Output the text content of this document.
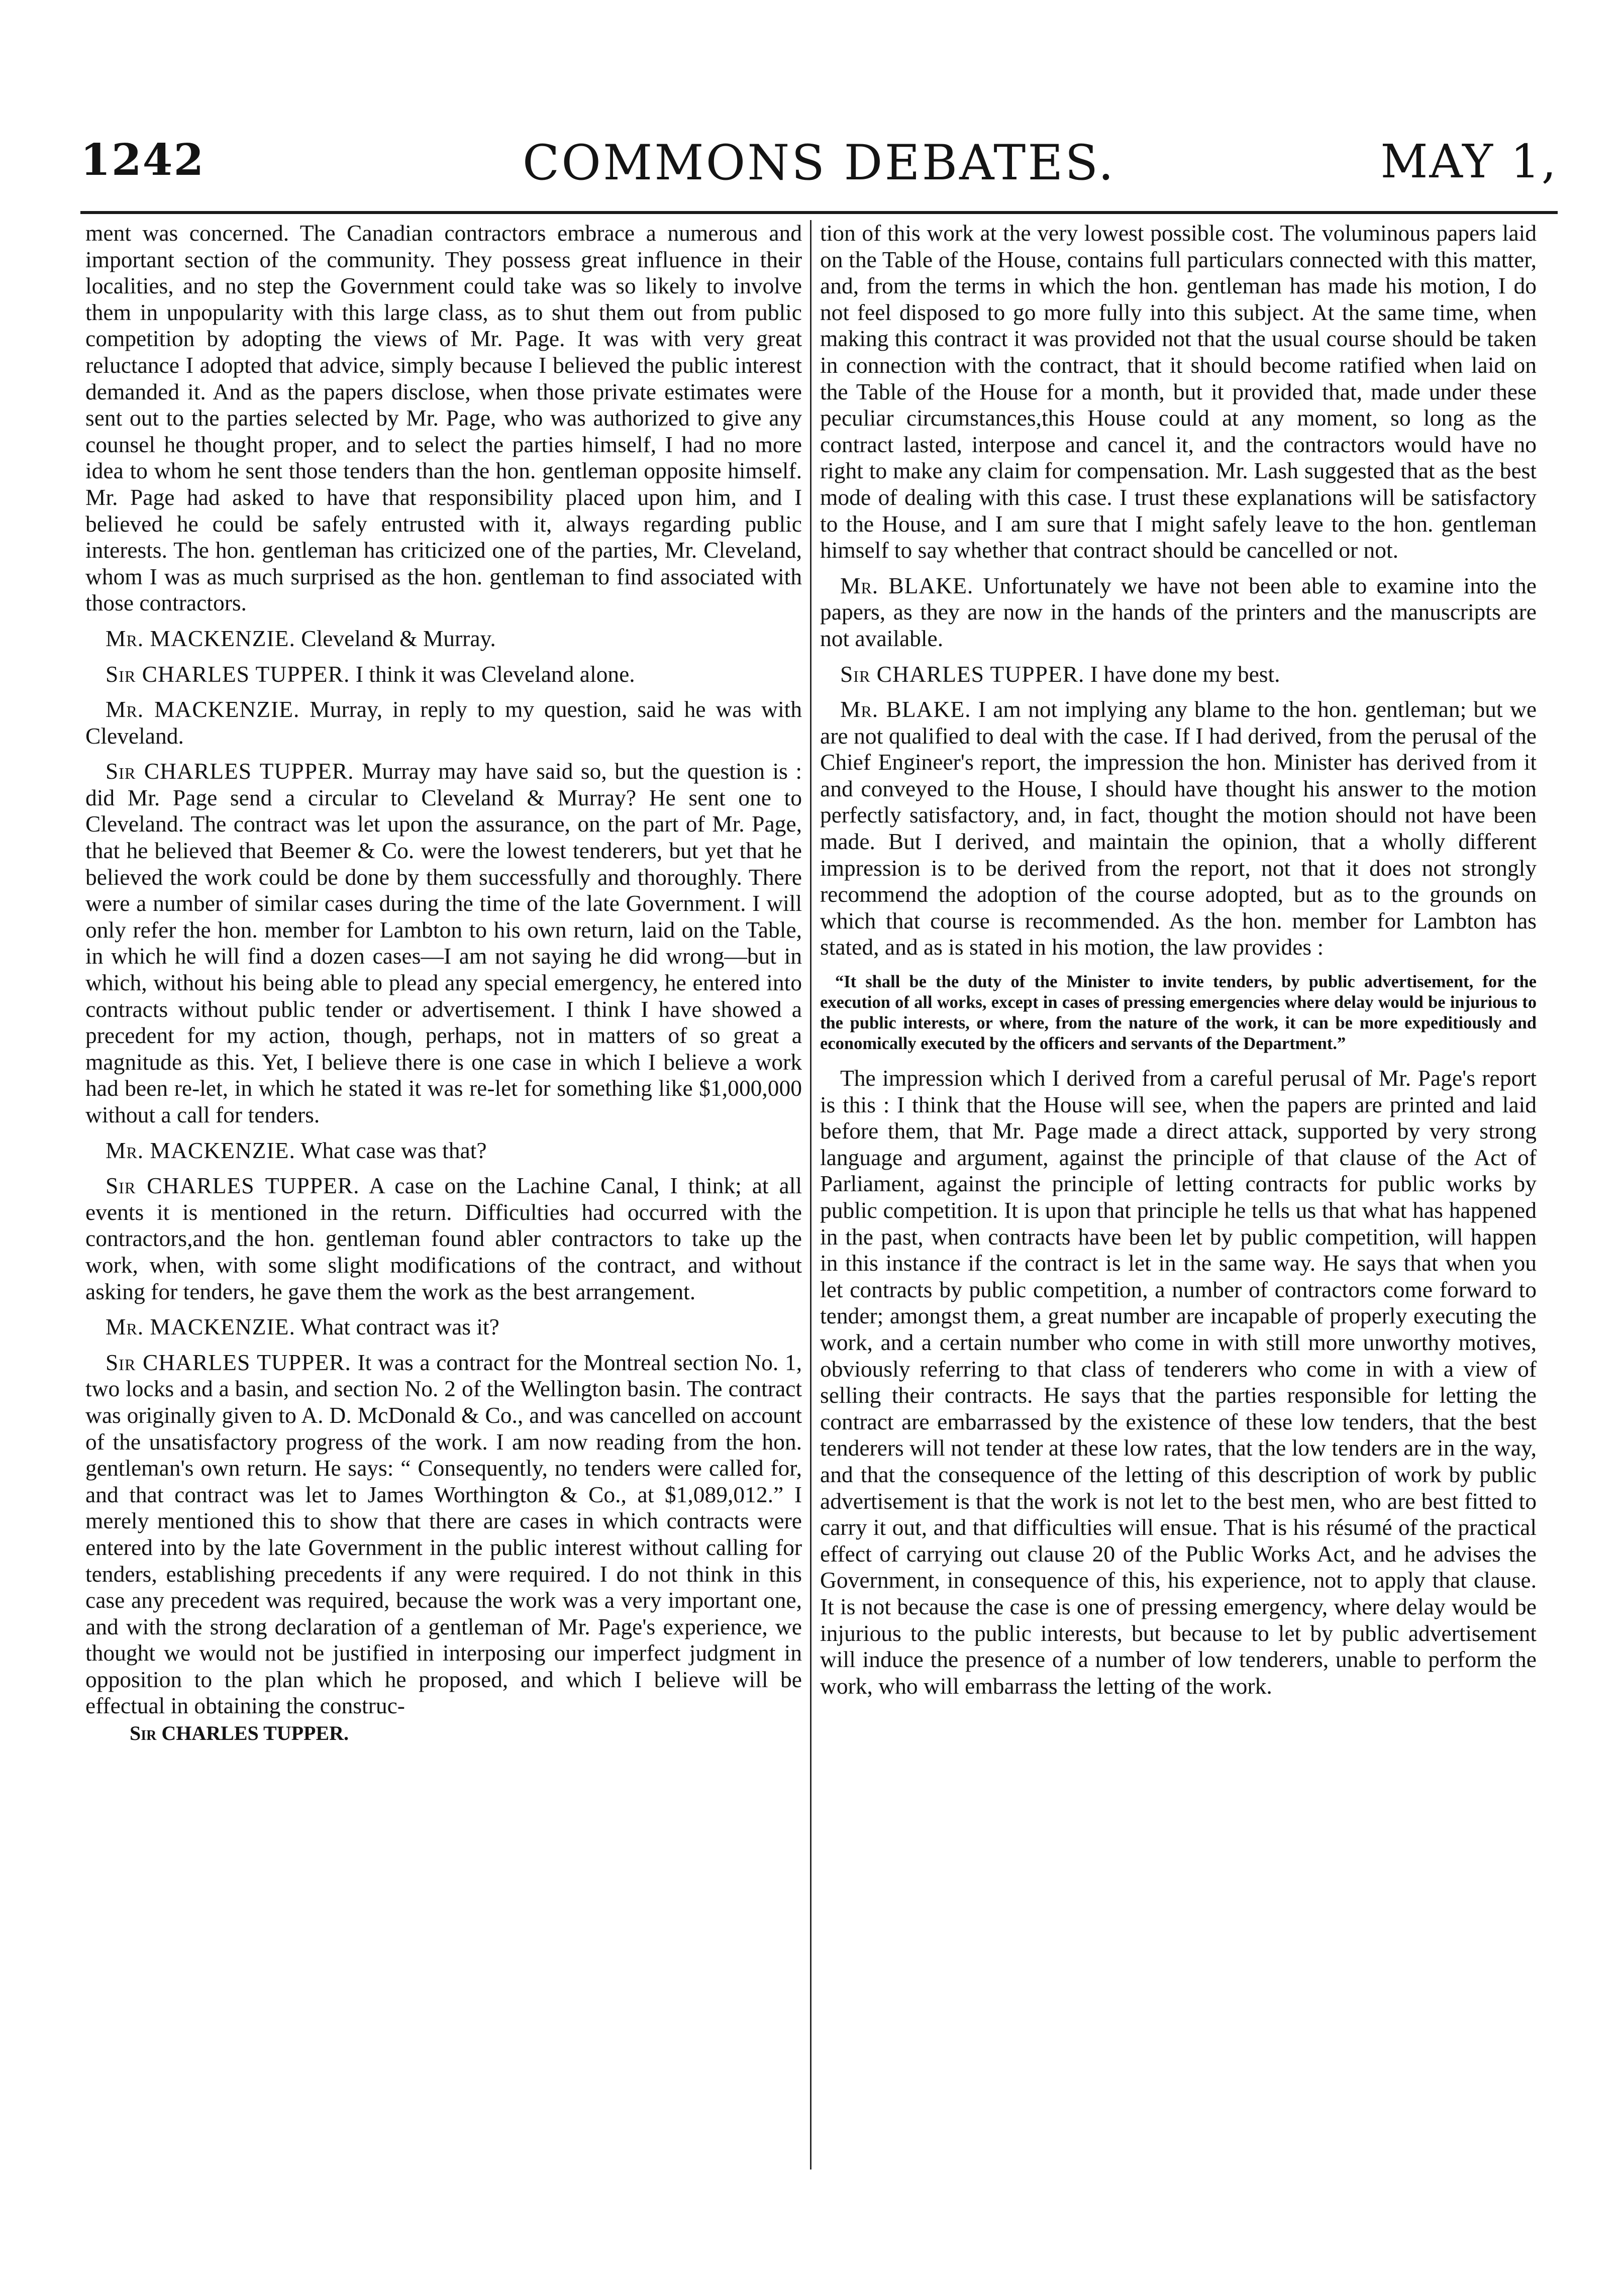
COMMONS DEBATES.
1242	MAY 1,

ment was concerned. The Canadian contractors embrace a numerous and important section of the community. They possess great influence in their localities, and no step the Government could take was so likely to involve them in unpopularity with this large class, as to shut them out from public competition by adopting the views of Mr. Page. It was with very great reluctance I adopted that advice, simply because I believed the public interest demanded it. And as the papers disclose, when those private estimates were sent out to the parties selected by Mr. Page, who was authorized to give any counsel he thought proper, and to select the parties himself, I had no more idea to whom he sent those tenders than the hon. gentleman opposite himself. Mr. Page had asked to have that responsibility placed upon him, and I believed he could be safely entrusted with it, always regarding public interests. The hon. gentleman has criticized one of the parties, Mr. Cleveland, whom I was as much surprised as the hon. gentleman to find associated with those contractors.

Mr. MACKENZIE. Cleveland & Murray.

Sir CHARLES TUPPER. I think it was Cleveland alone.

Mr. MACKENZIE. Murray, in reply to my question, said he was with Cleveland.

Sir CHARLES TUPPER. Murray may have said so, but the question is : did Mr. Page send a circular to Cleveland & Murray? He sent one to Cleveland. The contract was let upon the assurance, on the part of Mr. Page, that he believed that Beemer & Co. were the lowest tenderers, but yet that he believed the work could be done by them successfully and thoroughly. There were a number of similar cases during the time of the late Government. I will only refer the hon. member for Lambton to his own return, laid on the Table, in which he will find a dozen cases—I am not saying he did wrong—but in which, without his being able to plead any special emergency, he entered into contracts without public tender or advertisement. I think I have showed a precedent for my action, though, perhaps, not in matters of so great a magnitude as this. Yet, I believe there is one case in which I believe a work had been re-let, in which he stated it was re-let for something like $1,000,000 without a call for tenders.

Mr. MACKENZIE. What case was that?

Sir CHARLES TUPPER. A case on the Lachine Canal, I think; at all events it is mentioned in the return. Difficulties had occurred with the contractors,and the hon. gentleman found abler contractors to take up the work, when, with some slight modifications of the contract, and without asking for tenders, he gave them the work as the best arrangement.

Mr. MACKENZIE. What contract was it?

Sir CHARLES TUPPER. It was a contract for the Montreal section No. 1, two locks and a basin, and section No. 2 of the Wellington basin. The contract was originally given to A. D. McDonald & Co., and was cancelled on account of the unsatisfactory progress of the work. I am now reading from the hon. gentleman's own return. He says: “ Consequently, no tenders were called for, and that contract was let to James Worthington & Co., at $1,089,012.” I merely mentioned this to show that there are cases in which contracts were entered into by the late Government in the public interest without calling for tenders, establishing precedents if any were required. I do not think in this case any precedent was required, because the work was a very important one, and with the strong declaration of a gentleman of Mr. Page's experience, we thought we would not be justified in interposing our imperfect judgment in opposition to the plan which he proposed, and which I believe will be effectual in obtaining the construc-

Sir CHARLES TUPPER.

tion of this work at the very lowest possible cost. The voluminous papers laid on the Table of the House, contains full particulars connected with this matter, and, from the terms in which the hon. gentleman has made his motion, I do not feel disposed to go more fully into this subject. At the same time, when making this contract it was provided not that the usual course should be taken in connection with the contract, that it should become ratified when laid on the Table of the House for a month, but it provided that, made under these peculiar circumstances,this House could at any moment, so long as the contract lasted, interpose and cancel it, and the contractors would have no right to make any claim for compensation. Mr. Lash suggested that as the best mode of dealing with this case. I trust these explanations will be satisfactory to the House, and I am sure that I might safely leave to the hon. gentleman himself to say whether that contract should be cancelled or not.

Mr. BLAKE. Unfortunately we have not been able to examine into the papers, as they are now in the hands of the printers and the manuscripts are not available.

Sir CHARLES TUPPER. I have done my best.

Mr. BLAKE. I am not implying any blame to the hon. gentleman; but we are not qualified to deal with the case. If I had derived, from the perusal of the Chief Engineer's report, the impression the hon. Minister has derived from it and conveyed to the House, I should have thought his answer to the motion perfectly satisfactory, and, in fact, thought the motion should not have been made. But I derived, and maintain the opinion, that a wholly different impression is to be derived from the report, not that it does not strongly recommend the adoption of the course adopted, but as to the grounds on which that course is recommended. As the hon. member for Lambton has stated, and as is stated in his motion, the law provides :

“It shall be the duty of the Minister to invite tenders, by public advertisement, for the execution of all works, except in cases of pressing emergencies where delay would be injurious to the public interests, or where, from the nature of the work, it can be more expeditiously and economically executed by the officers and servants of the Department.”

The impression which I derived from a careful perusal of Mr. Page's report is this : I think that the House will see, when the papers are printed and laid before them, that Mr. Page made a direct attack, supported by very strong language and argument, against the principle of that clause of the Act of Parliament, against the principle of letting contracts for public works by public competition. It is upon that principle he tells us that what has happened in the past, when contracts have been let by public competition, will happen in this instance if the contract is let in the same way. He says that when you let contracts by public competition, a number of contractors come forward to tender; amongst them, a great number are incapable of properly executing the work, and a certain number who come in with still more unworthy motives, obviously referring to that class of tenderers who come in with a view of selling their contracts. He says that the parties responsible for letting the contract are embarrassed by the existence of these low tenders, that the best tenderers will not tender at these low rates, that the low tenders are in the way, and that the consequence of the letting of this description of work by public advertisement is that the work is not let to the best men, who are best fitted to carry it out, and that difficulties will ensue. That is his résumé of the practical effect of carrying out clause 20 of the Public Works Act, and he advises the Government, in consequence of this, his experience, not to apply that clause. It is not because the case is one of pressing emergency, where delay would be injurious to the public interests, but because to let by public advertisement will induce the presence of a number of low tenderers, unable to perform the work, who will embarrass the letting of the work.
